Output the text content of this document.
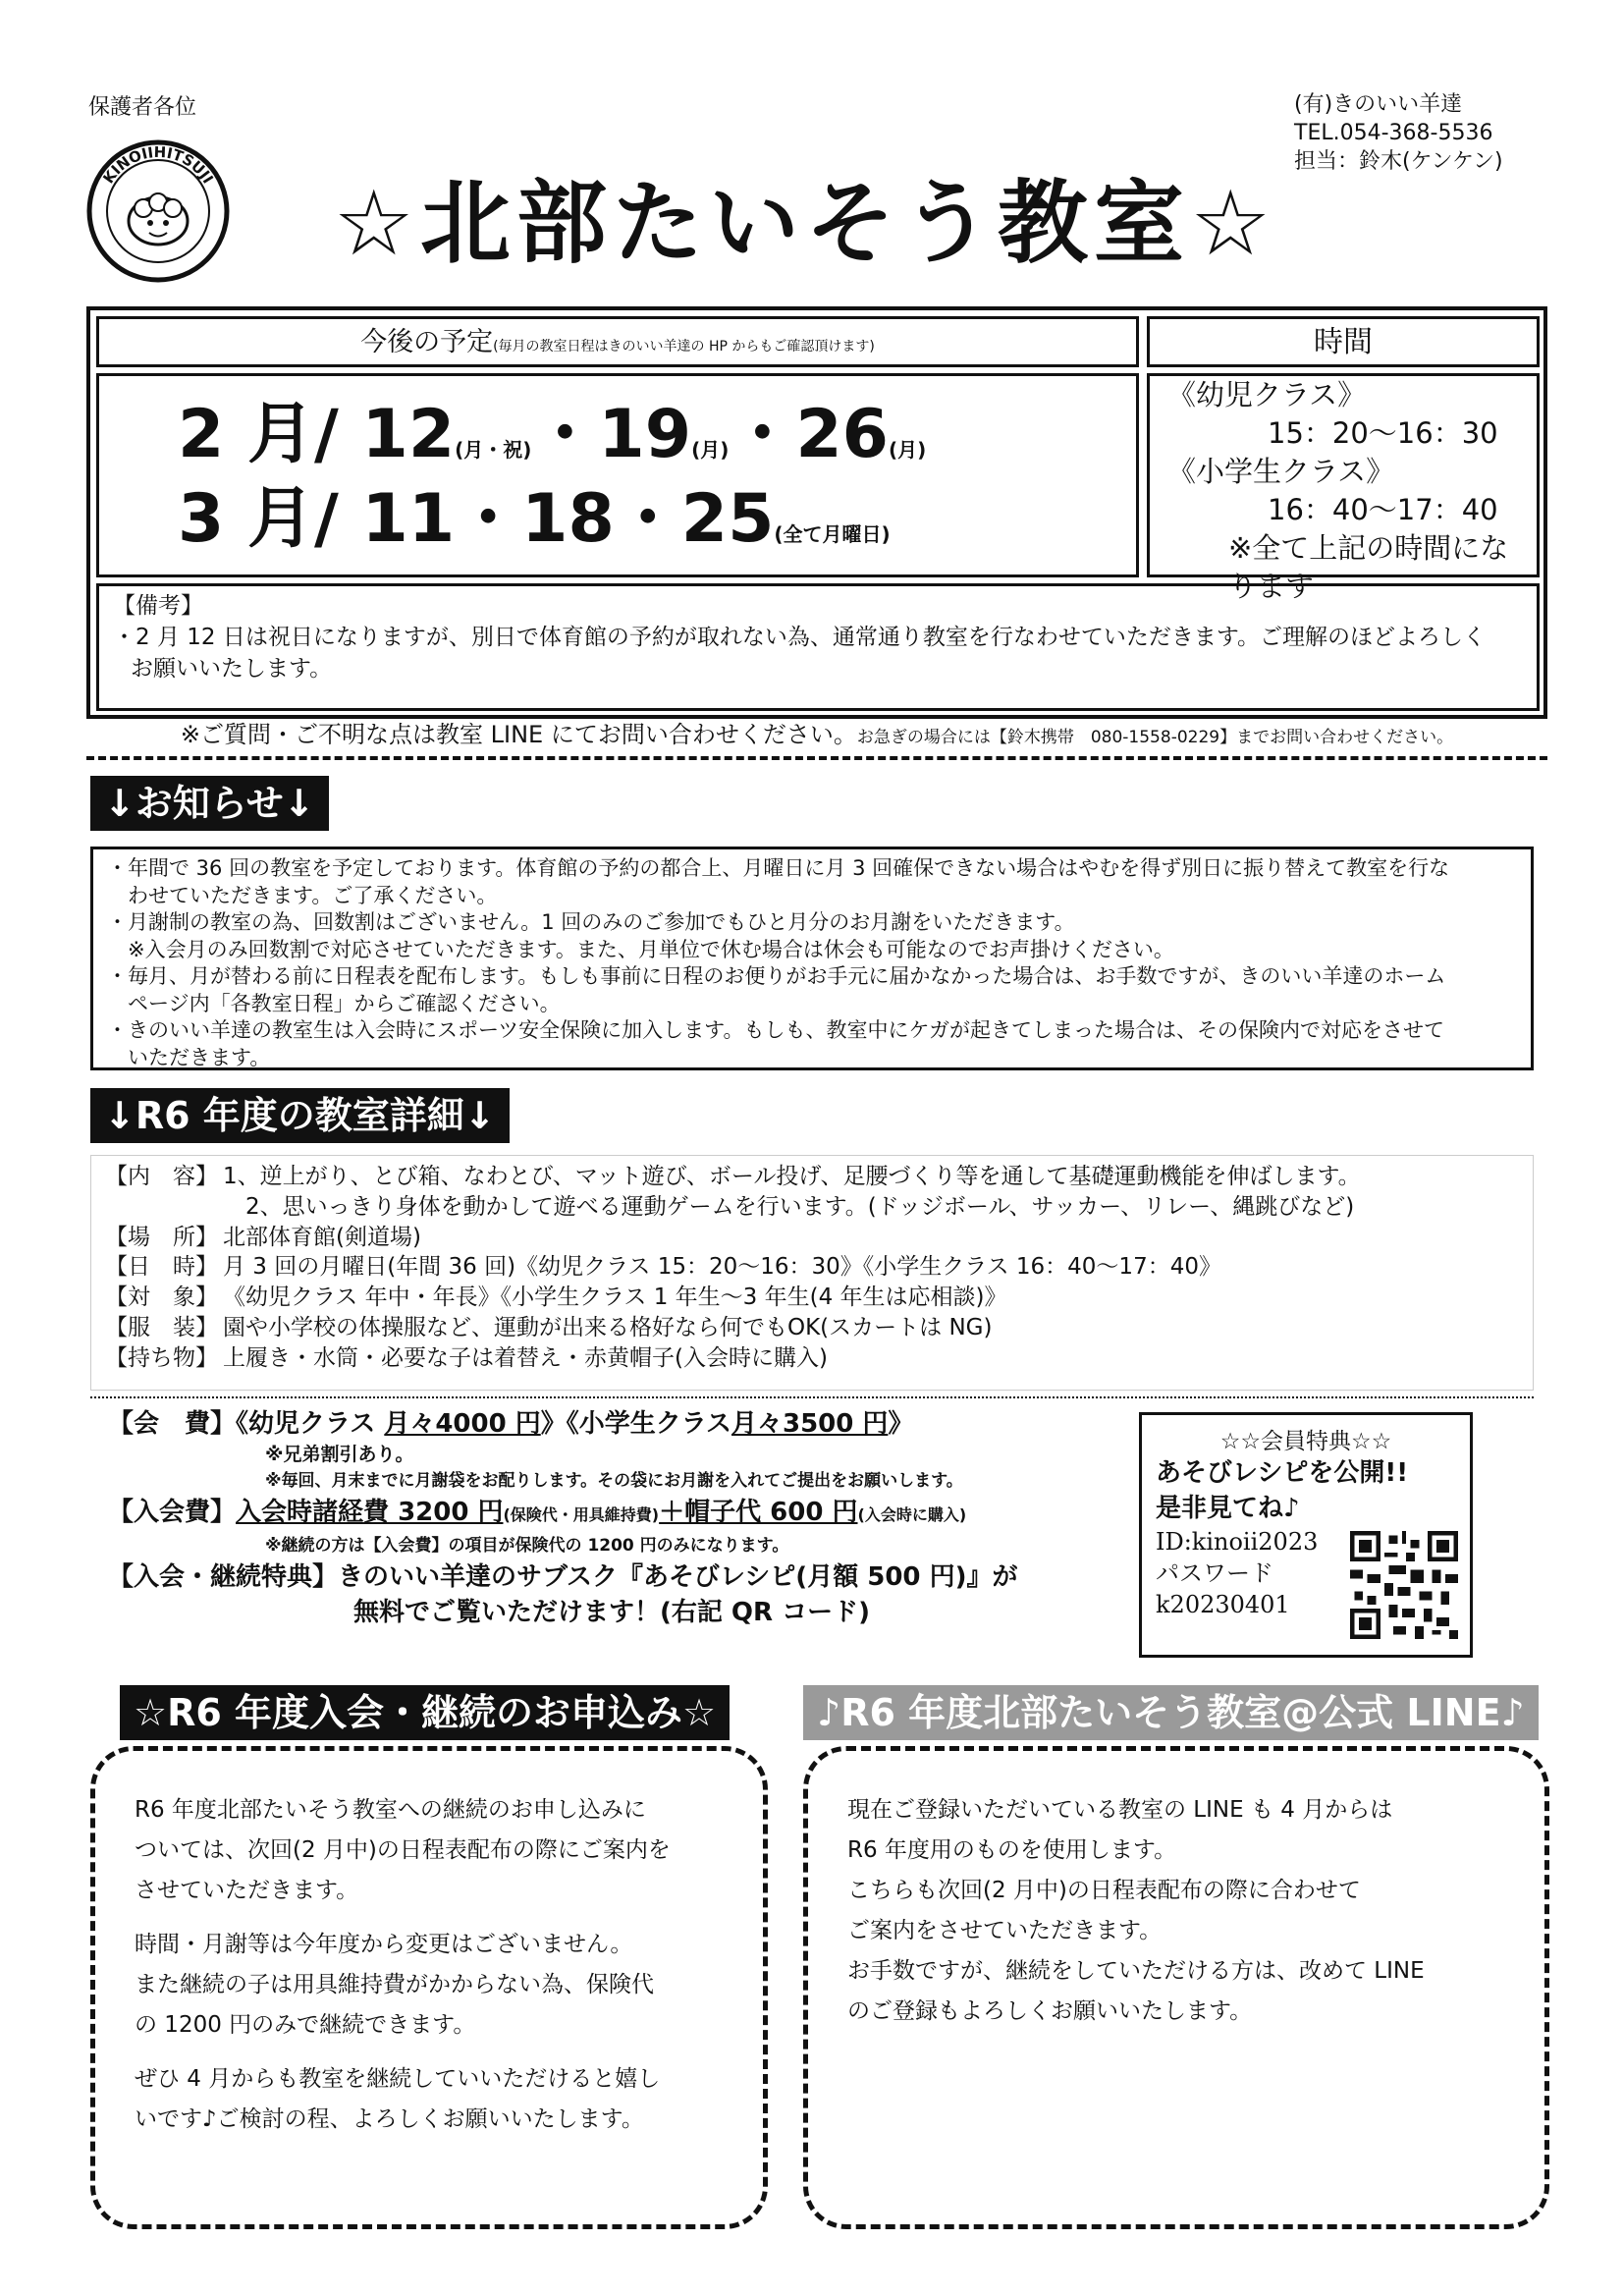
保護者各位	(有)きのいい羊達
TEL.054-368-5536
担当：鈴木(ケンケン)
KINOIIHITSUJI	☆北部たいそう教室☆
今後の予定(毎月の教室日程はきのいい羊達の HP からもご確認頂けます)	時間
2 月/ 12(月・祝)・19(月)・26(月)
3 月/ 11・18・25(全て月曜日)
《幼児クラス》
15：20～16：30
《小学生クラス》
16：40～17：40
※全て上記の時間になります
【備考】
・2 月 12 日は祝日になりますが、別日で体育館の予約が取れない為、通常通り教室を行なわせていただきます。ご理解のほどよろしく
お願いいたします。
※ご質問・ご不明な点は教室 LINE にてお問い合わせください。お急ぎの場合には【鈴木携帯　080-1558-0229】までお問い合わせください。
↓お知らせ↓
・年間で 36 回の教室を予定しております。体育館の予約の都合上、月曜日に月 3 回確保できない場合はやむを得ず別日に振り替えて教室を行な
　わせていただきます。ご了承ください。
・月謝制の教室の為、回数割はございません。1 回のみのご参加でもひと月分のお月謝をいただきます。
　※入会月のみ回数割で対応させていただきます。また、月単位で休む場合は休会も可能なのでお声掛けください。
・毎月、月が替わる前に日程表を配布します。もしも事前に日程のお便りがお手元に届かなかった場合は、お手数ですが、きのいい羊達のホーム
　ページ内「各教室日程」からご確認ください。
・きのいい羊達の教室生は入会時にスポーツ安全保険に加入します。もしも、教室中にケガが起きてしまった場合は、その保険内で対応をさせて
　いただきます。
↓R6 年度の教室詳細↓
【内　容】 1、逆上がり、とび箱、なわとび、マット遊び、ボール投げ、足腰づくり等を通して基礎運動機能を伸ばします。
　2、思いっきり身体を動かして遊べる運動ゲームを行います。(ドッジボール、サッカー、リレー、縄跳びなど)
【場　所】 北部体育館(剣道場)
【日　時】 月 3 回の月曜日(年間 36 回)《幼児クラス 15：20～16：30》《小学生クラス 16：40～17：40》
【対　象】 《幼児クラス 年中・年長》《小学生クラス 1 年生～3 年生(4 年生は応相談)》
【服　装】 園や小学校の体操服など、運動が出来る格好なら何でもOK(スカートは NG)
【持ち物】 上履き・水筒・必要な子は着替え・赤黄帽子(入会時に購入)
【会　費】《幼児クラス 月々4000 円》《小学生クラス月々3500 円》
※兄弟割引あり。
※毎回、月末までに月謝袋をお配りします。その袋にお月謝を入れてご提出をお願いします。
【入会費】入会時諸経費 3200 円(保険代・用具維持費)＋帽子代 600 円(入会時に購入)
※継続の方は【入会費】の項目が保険代の 1200 円のみになります。
【入会・継続特典】きのいい羊達のサブスク『あそびレシピ(月額 500 円)』が
無料でご覧いただけます！(右記 QR コード)
☆☆会員特典☆☆
あそびレシピを公開!!
是非見てね♪
ID:kinoii2023
パスワード
k20230401
☆R6 年度入会・継続のお申込み☆	♪R6 年度北部たいそう教室@公式 LINE♪
R6 年度北部たいそう教室への継続のお申し込みに
ついては、次回(2 月中)の日程表配布の際にご案内を
させていただきます。
時間・月謝等は今年度から変更はございません。
また継続の子は用具維持費がかからない為、保険代
の 1200 円のみで継続できます。
ぜひ 4 月からも教室を継続していいただけると嬉し
いです♪ご検討の程、よろしくお願いいたします。
現在ご登録いただいている教室の LINE も 4 月からは
R6 年度用のものを使用します。
こちらも次回(2 月中)の日程表配布の際に合わせて
ご案内をさせていただきます。
お手数ですが、継続をしていただける方は、改めて LINE
のご登録もよろしくお願いいたします。
